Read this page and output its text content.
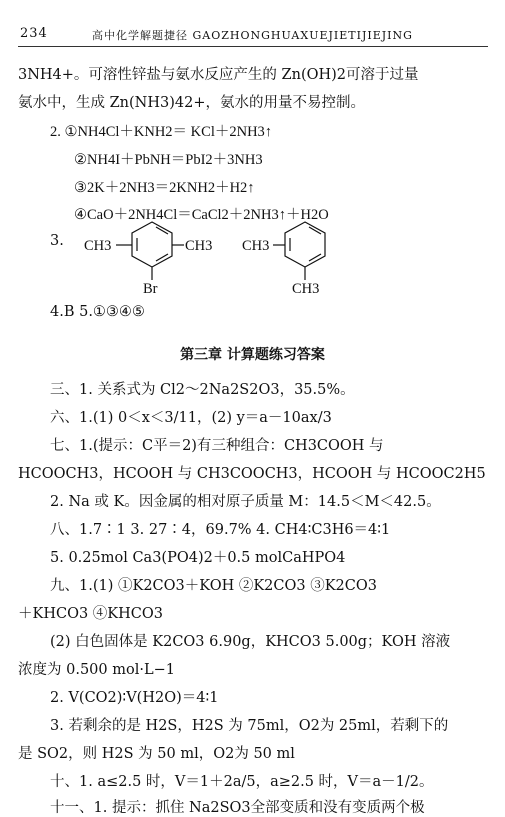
234	高中化学解题捷径 GAOZHONGHUAXUEJIETIJIEJING
3NH4+。可溶性锌盐与氨水反应产生的 Zn(OH)2可溶于过量
氨水中，生成 Zn(NH3)42+，氨水的用量不易控制。
2. ①NH4Cl＋KNH2＝ KCl＋2NH3↑
②NH4I＋PbNH＝PbI2＋3NH3
③2K＋2NH3＝2KNH2＋H2↑
④CaO＋2NH4Cl＝CaCl2＋2NH3↑＋H2O
3. CH3	CH3
Br
CH3
CH3
4.B 5.①③④⑤
第三章 计算题练习答案
三、1. 关系式为 Cl2～2Na2S2O3，35.5%。
六、1.(1) 0＜x＜3/11，(2) y＝a－10ax/3
七、1.(提示：C平＝2)有三种组合：CH3COOH 与
HCOOCH3，HCOOH 与 CH3COOCH3，HCOOH 与 HCOOC2H5
2. Na 或 K。因金属的相对原子质量 M：14.5＜M＜42.5。
八、1.7∶1 3. 27∶4，69.7% 4. CH4∶C3H6＝4∶1
5. 0.25mol Ca3(PO4)2＋0.5 molCaHPO4
九、1.(1) ①K2CO3＋KOH ②K2CO3 ③K2CO3
＋KHCO3 ④KHCO3
(2) 白色固体是 K2CO3 6.90g，KHCO3 5.00g；KOH 溶液
浓度为 0.500 mol·L−1
2. V(CO2)∶V(H2O)＝4∶1
3. 若剩余的是 H2S，H2S 为 75ml，O2为 25ml，若剩下的
是 SO2，则 H2S 为 50 ml，O2为 50 ml
十、1. a≤2.5 时，V＝1＋2a/5，a≥2.5 时，V＝a－1/2。
十一、1. 提示：抓住 Na2SO3全部变质和没有变质两个极
